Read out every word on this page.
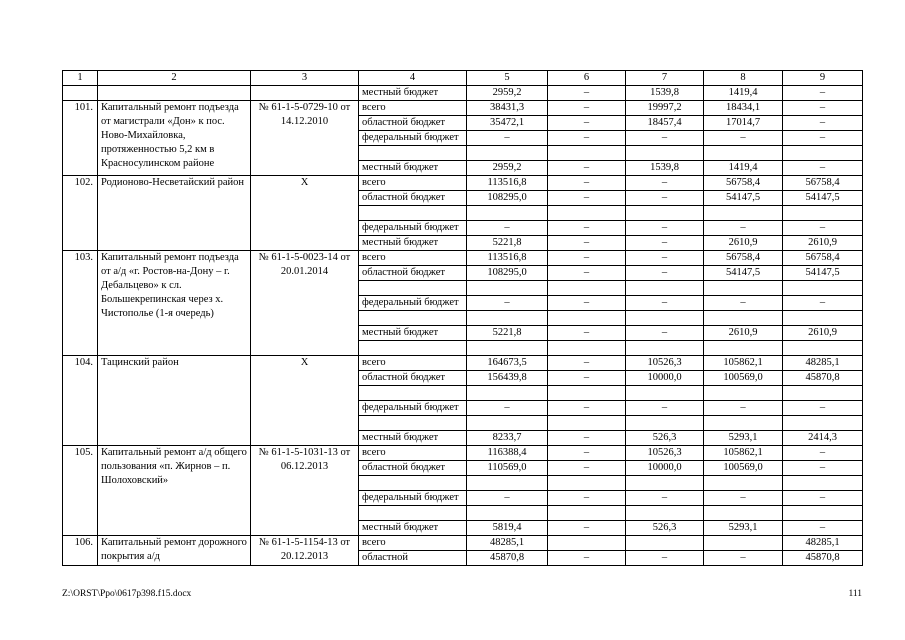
1	2	3	4	5	6	7	8	9
			местный бюджет	2959,2	–	1539,8	1419,4	–
101.	Капитальный ремонт подъезда от магистрали «Дон» к пос. Ново-Михайловка, протяженностью 5,2 км в Красносулинском районе	№ 61-1-5-0729-10 от 14.12.2010	всего	38431,3	–	19997,2	18434,1	–
			областной бюджет	35472,1	–	18457,4	17014,7	–
			федеральный бюджет	–	–	–	–	–

			местный бюджет	2959,2	–	1539,8	1419,4	–
102.	Родионово-Несветайский район	Х	всего	113516,8	–	–	56758,4	56758,4
			областной бюджет	108295,0	–	–	54147,5	54147,5

			федеральный бюджет	–	–	–	–	–
			местный бюджет	5221,8	–	–	2610,9	2610,9
103.	Капитальный ремонт подъезда от а/д «г. Ростов-на-Дону – г. Дебальцево» к сл. Большекрепинская через х. Чистополье (1-я очередь)	№ 61-1-5-0023-14 от 20.01.2014	всего	113516,8	–	–	56758,4	56758,4
			областной бюджет	108295,0	–	–	54147,5	54147,5

			федеральный бюджет	–	–	–	–	–

			местный бюджет	5221,8	–	–	2610,9	2610,9

104.	Тацинский район	Х	всего	164673,5	–	10526,3	105862,1	48285,1
			областной бюджет	156439,8	–	10000,0	100569,0	45870,8

			федеральный бюджет	–	–	–	–	–

			местный бюджет	8233,7	–	526,3	5293,1	2414,3
105.	Капитальный ремонт а/д общего пользования «п. Жирнов – п. Шолоховский»	№ 61-1-5-1031-13 от 06.12.2013	всего	116388,4	–	10526,3	105862,1	–
			областной бюджет	110569,0	–	10000,0	100569,0	–

			федеральный бюджет	–	–	–	–	–

			местный бюджет	5819,4	–	526,3	5293,1	–
106.	Капитальный ремонт дорожного покрытия а/д	№ 61-1-5-1154-13 от 20.12.2013	всего	48285,1				48285,1
			областной	45870,8	–	–	–	45870,8
Z:\ORST\Ppo\0617p398.f15.docx	111
